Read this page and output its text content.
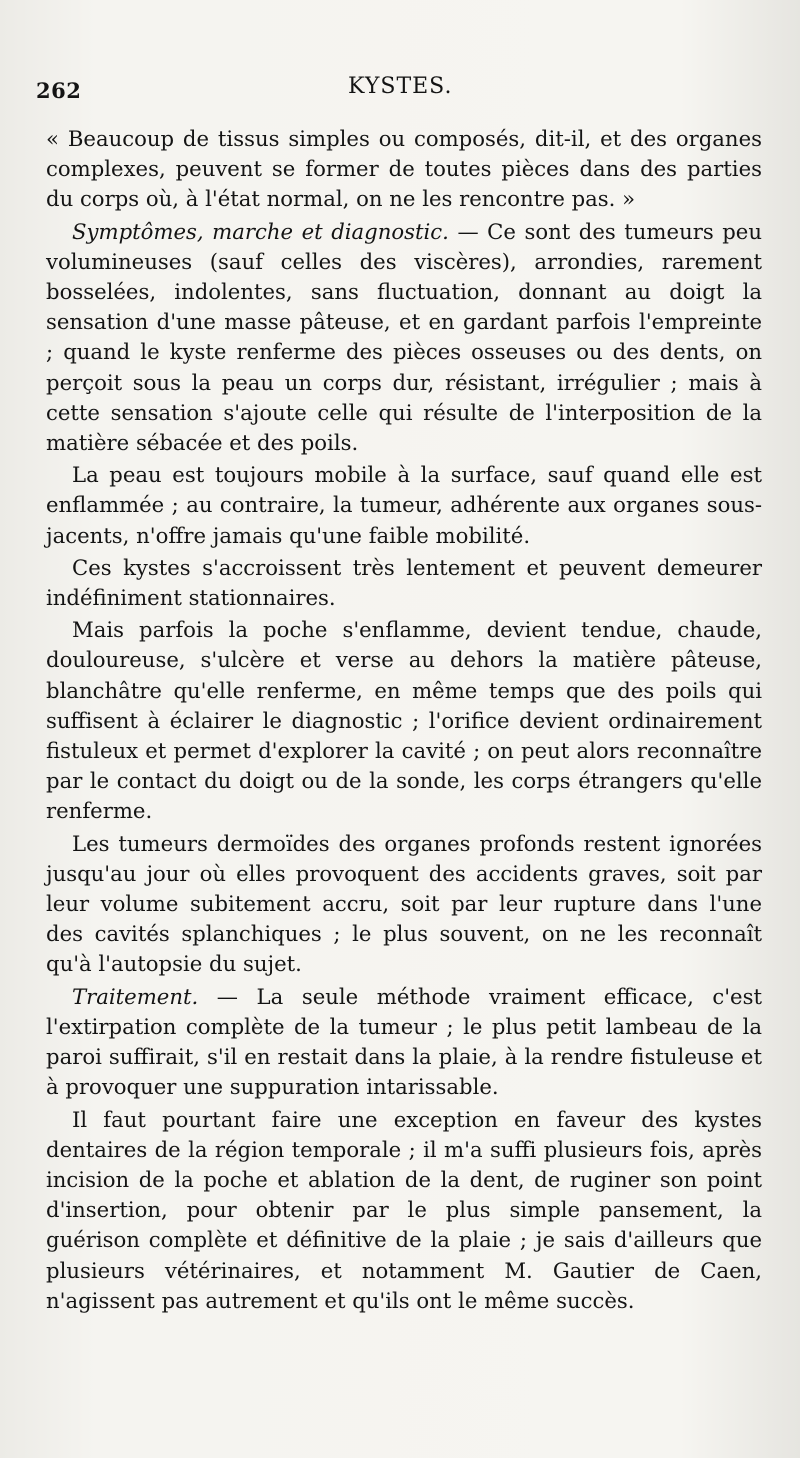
262	KYSTES.

« Beaucoup de tissus simples ou composés, dit-il, et des organes complexes, peuvent se former de toutes pièces dans des parties du corps où, à l'état normal, on ne les rencontre pas. »

Symptômes, marche et diagnostic. — Ce sont des tumeurs peu volumineuses (sauf celles des viscères), arrondies, rarement bosselées, indolentes, sans fluctuation, donnant au doigt la sensation d'une masse pâteuse, et en gardant parfois l'empreinte ; quand le kyste renferme des pièces osseuses ou des dents, on perçoit sous la peau un corps dur, résistant, irrégulier ; mais à cette sensation s'ajoute celle qui résulte de l'interposition de la matière sébacée et des poils.

La peau est toujours mobile à la surface, sauf quand elle est enflammée ; au contraire, la tumeur, adhérente aux organes sous-jacents, n'offre jamais qu'une faible mobilité.

Ces kystes s'accroissent très lentement et peuvent demeurer indéfiniment stationnaires.

Mais parfois la poche s'enflamme, devient tendue, chaude, douloureuse, s'ulcère et verse au dehors la matière pâteuse, blanchâtre qu'elle renferme, en même temps que des poils qui suffisent à éclairer le diagnostic ; l'orifice devient ordinairement fistuleux et permet d'explorer la cavité ; on peut alors reconnaître par le contact du doigt ou de la sonde, les corps étrangers qu'elle renferme.

Les tumeurs dermoïdes des organes profonds restent ignorées jusqu'au jour où elles provoquent des accidents graves, soit par leur volume subitement accru, soit par leur rupture dans l'une des cavités splanchiques ; le plus souvent, on ne les reconnaît qu'à l'autopsie du sujet.

Traitement. — La seule méthode vraiment efficace, c'est l'extirpation complète de la tumeur ; le plus petit lambeau de la paroi suffirait, s'il en restait dans la plaie, à la rendre fistuleuse et à provoquer une suppuration intarissable.

Il faut pourtant faire une exception en faveur des kystes dentaires de la région temporale ; il m'a suffi plusieurs fois, après incision de la poche et ablation de la dent, de ruginer son point d'insertion, pour obtenir par le plus simple pansement, la guérison complète et définitive de la plaie ; je sais d'ailleurs que plusieurs vétérinaires, et notamment M. Gautier de Caen, n'agissent pas autrement et qu'ils ont le même succès.
